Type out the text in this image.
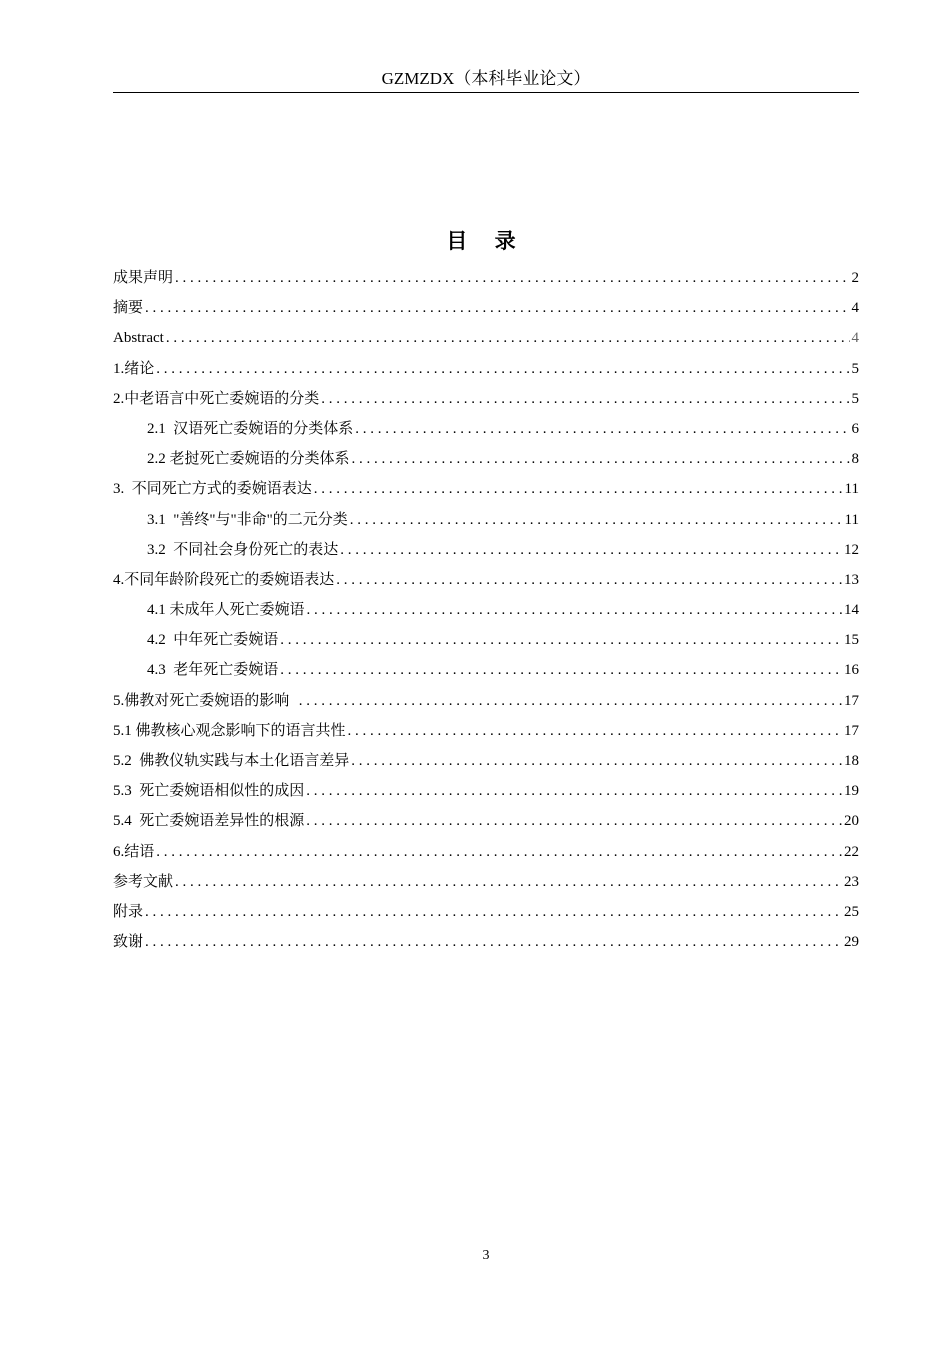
GZMZDX（本科毕业论文）
目 录
成果声明 . . .	2
摘要 . . .	4
Abstract . . .	4
1.绪论 . . .	5
2.中老语言中死亡委婉语的分类 . . .	5
2.1  汉语死亡委婉语的分类体系 . . .	6
2.2 老挝死亡委婉语的分类体系 . . .	8
3.  不同死亡方式的委婉语表达 . . .	11
3.1  "善终"与"非命"的二元分类 . . .	11
3.2  不同社会身份死亡的表达 . . .	12
4.不同年龄阶段死亡的委婉语表达 . . .	13
4.1 未成年人死亡委婉语 . . .	14
4.2  中年死亡委婉语 . . .	15
4.3  老年死亡委婉语 . . .	16
5.佛教对死亡委婉语的影响 . . .	17
5.1 佛教核心观念影响下的语言共性 . . .	17
5.2  佛教仪轨实践与本土化语言差异 . . .	18
5.3  死亡委婉语相似性的成因 . . .	19
5.4  死亡委婉语差异性的根源 . . .	20
6.结语 . . .	22
参考文献 . . .	23
附录 . . .	25
致谢 . . .	29
3
